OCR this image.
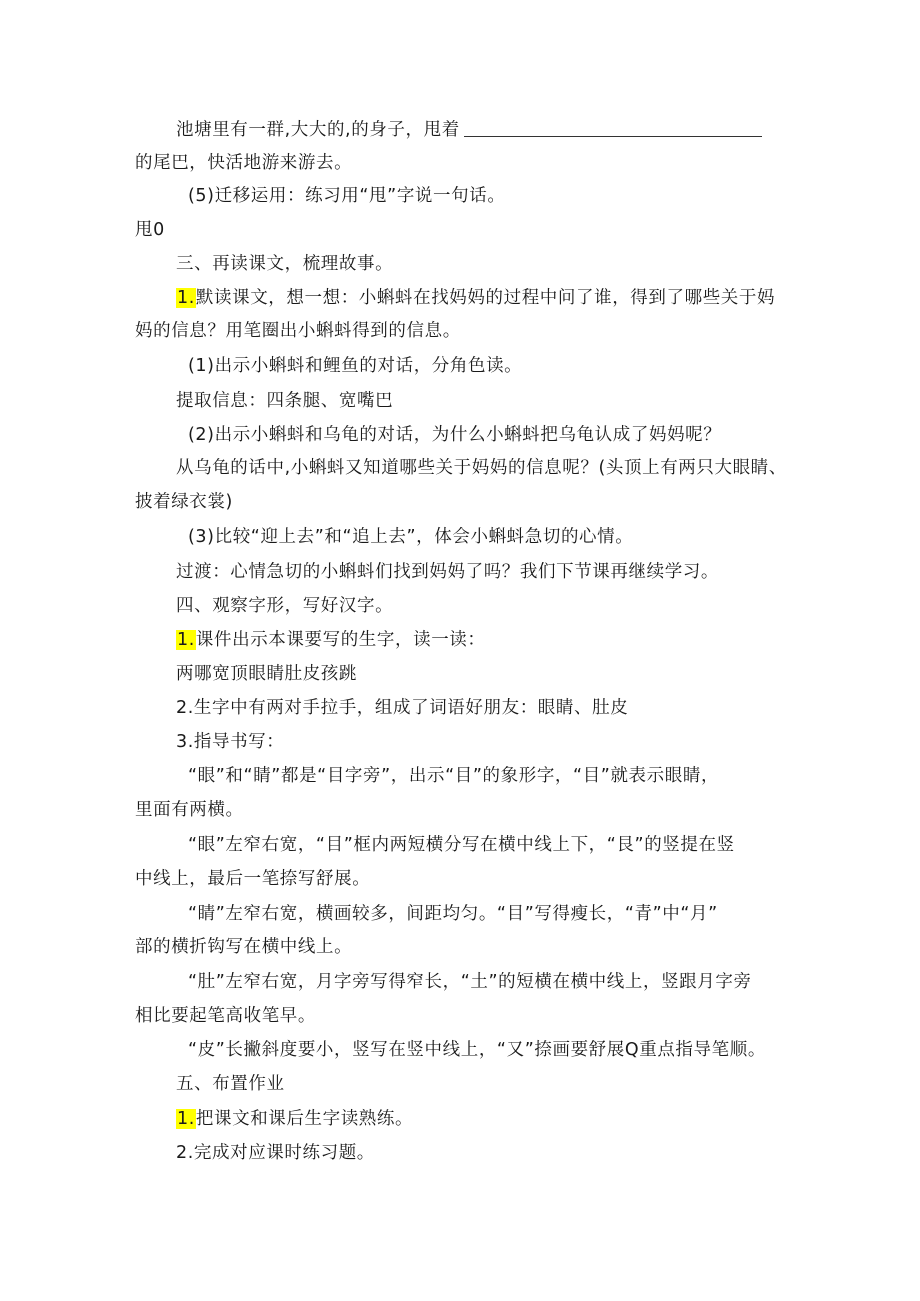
池塘里有一群,大大的,的身子，甩着
的尾巴，快活地游来游去。
(5)迁移运用：练习用“甩”字说一句话。
甩0
三、再读课文，梳理故事。
1.默读课文，想一想：小蝌蚪在找妈妈的过程中问了谁，得到了哪些关于妈
妈的信息？用笔圈出小蝌蚪得到的信息。
(1)出示小蝌蚪和鲤鱼的对话，分角色读。
提取信息：四条腿、宽嘴巴
(2)出示小蝌蚪和乌龟的对话，为什么小蝌蚪把乌龟认成了妈妈呢？
从乌龟的话中,小蝌蚪又知道哪些关于妈妈的信息呢？(头顶上有两只大眼睛、
披着绿衣裳)
(3)比较“迎上去”和“追上去”，体会小蝌蚪急切的心情。
过渡：心情急切的小蝌蚪们找到妈妈了吗？我们下节课再继续学习。
四、观察字形，写好汉字。
1.课件出示本课要写的生字，读一读：
两哪宽顶眼睛肚皮孩跳
2.生字中有两对手拉手，组成了词语好朋友：眼睛、肚皮
3.指导书写：
“眼”和“睛”都是“目字旁”，出示“目”的象形字，“目”就表示眼睛，
里面有两横。
“眼”左窄右宽，“目”框内两短横分写在横中线上下，“艮”的竖提在竖
中线上，最后一笔捺写舒展。
“睛”左窄右宽，横画较多，间距均匀。“目”写得瘦长，“青”中“月”
部的横折钩写在横中线上。
“肚”左窄右宽，月字旁写得窄长，“土”的短横在横中线上，竖跟月字旁
相比要起笔高收笔早。
“皮”长撇斜度要小，竖写在竖中线上，“又”捺画要舒展Q重点指导笔顺。
五、布置作业
1.把课文和课后生字读熟练。
2.完成对应课时练习题。
